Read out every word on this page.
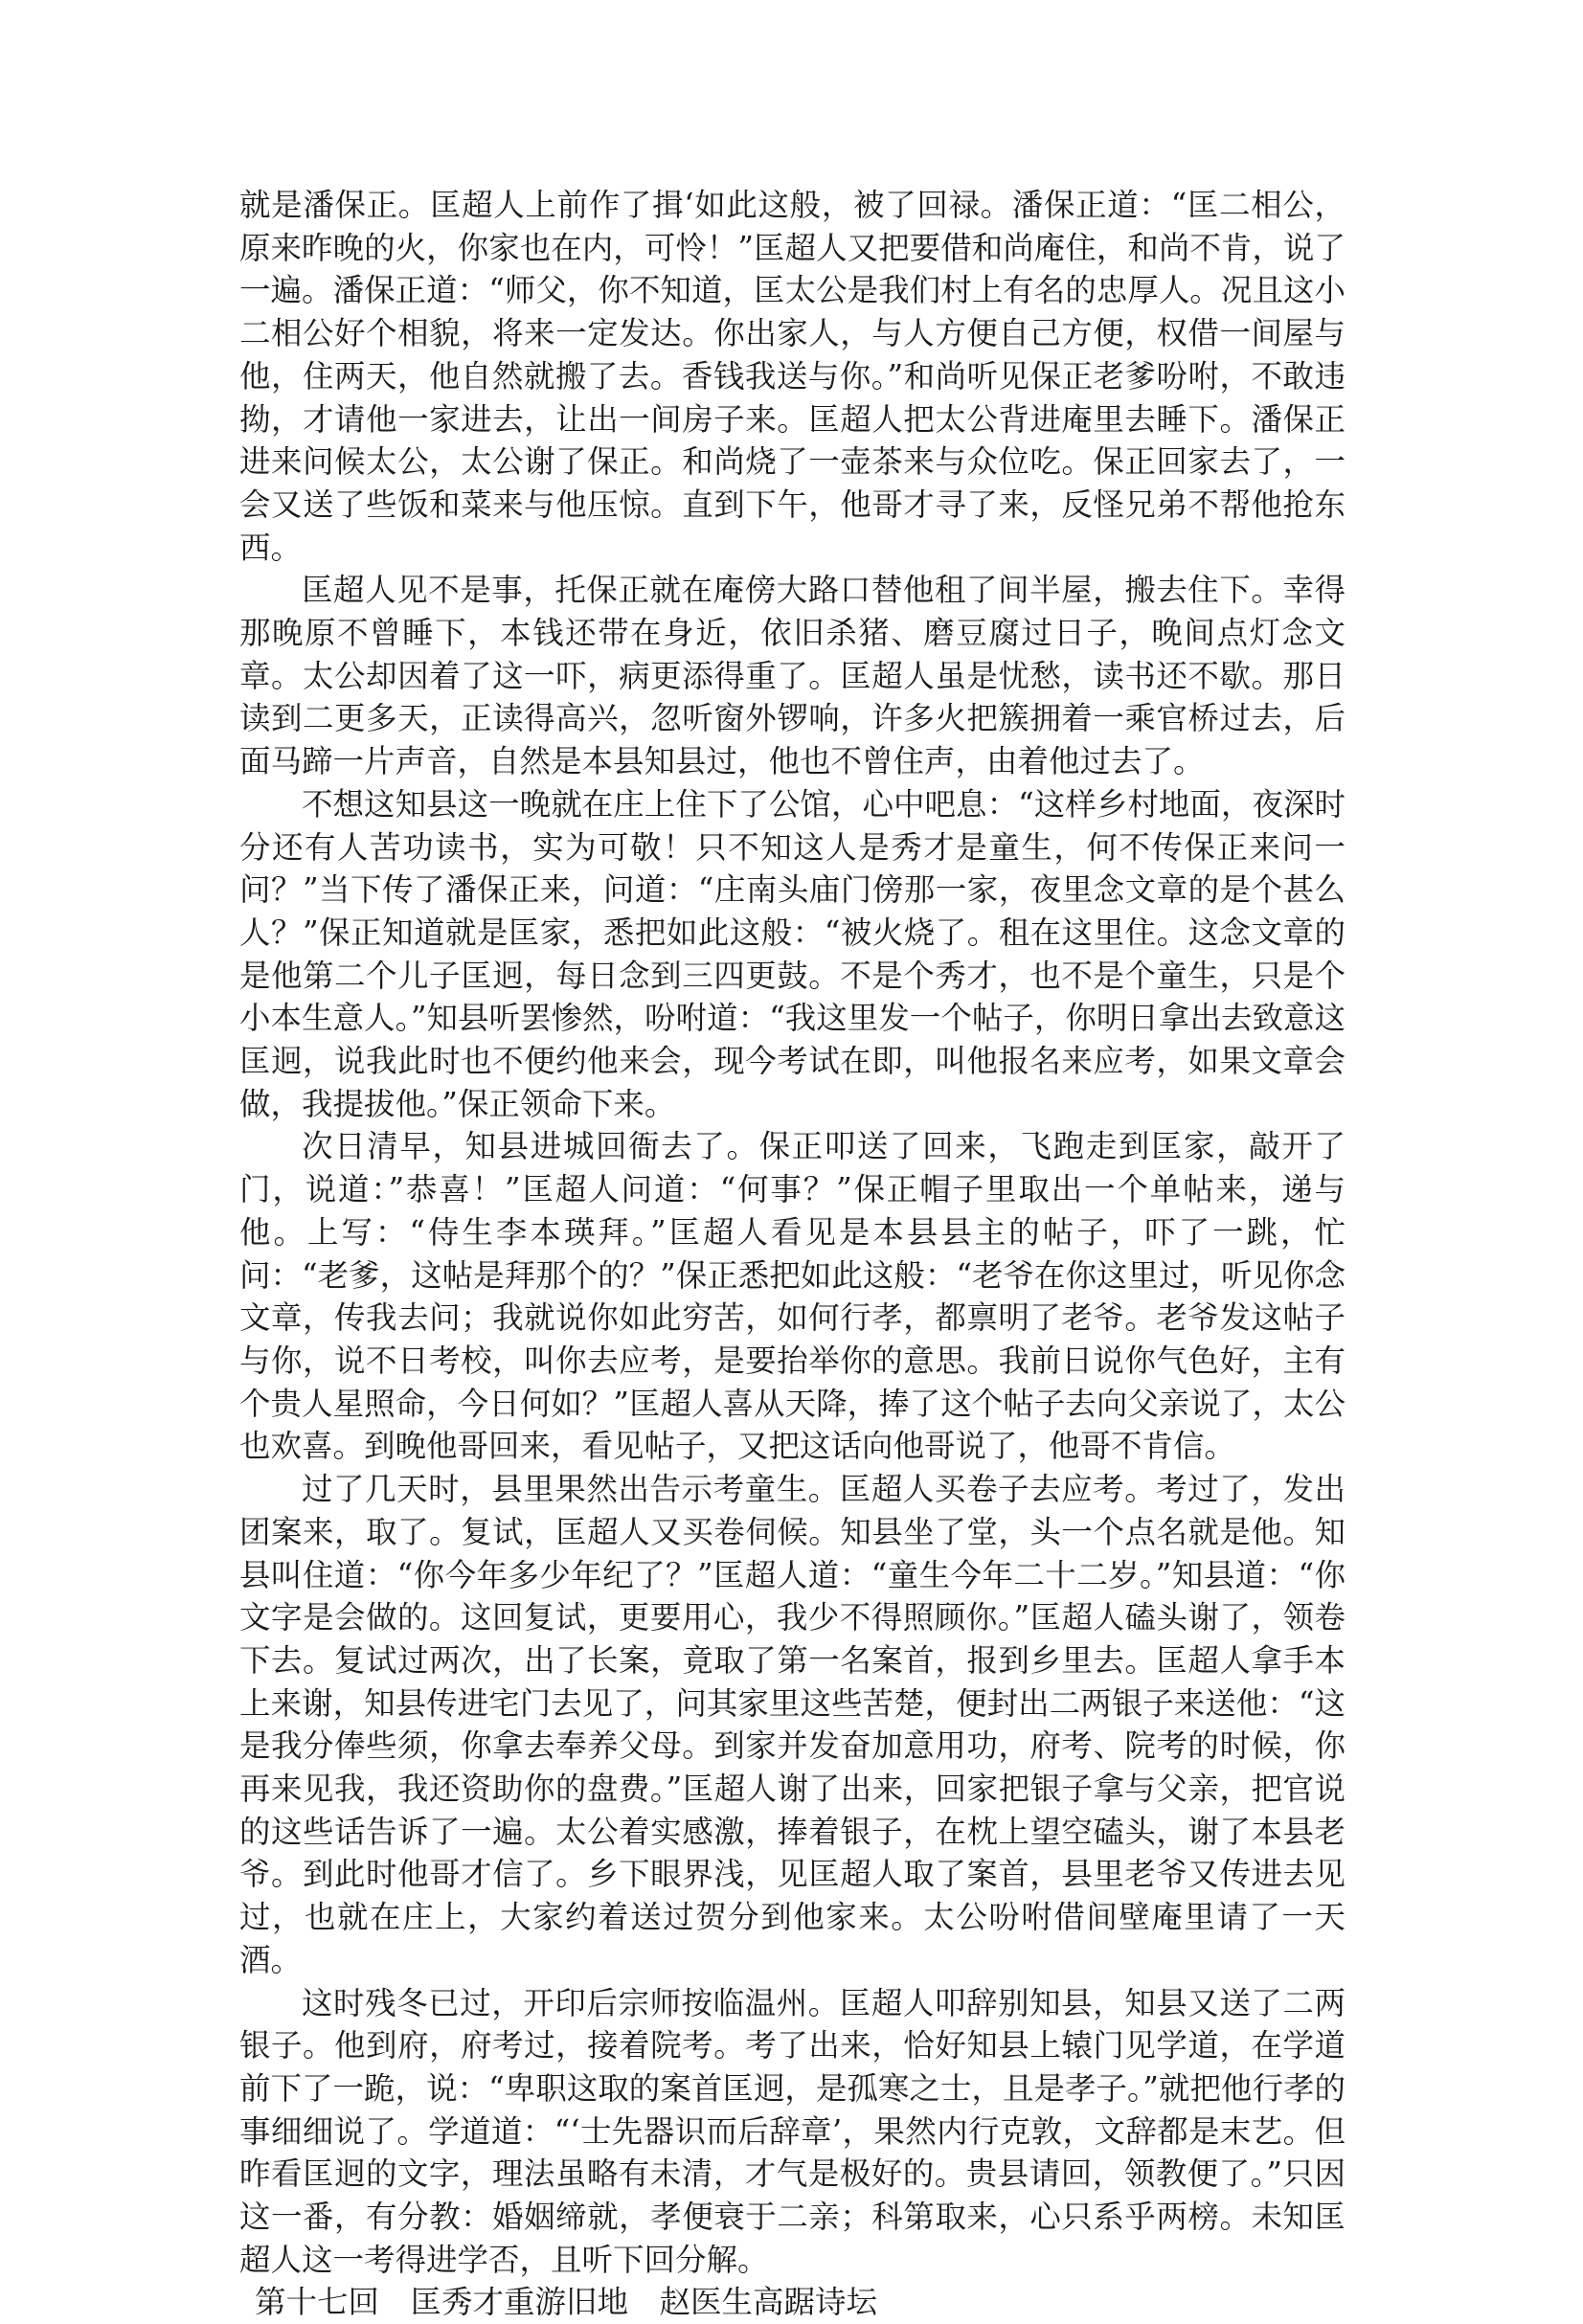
就是潘保正。匡超人上前作了揖‘如此这般，被了回禄。潘保正道：“匡二相公，原来昨晚的火，你家也在内，可怜！”匡超人又把要借和尚庵住，和尚不肯，说了一遍。潘保正道：“师父，你不知道，匡太公是我们村上有名的忠厚人。况且这小二相公好个相貌，将来一定发达。你出家人，与人方便自己方便，权借一间屋与他，住两天，他自然就搬了去。香钱我送与你。”和尚听见保正老爹吩咐，不敢违拗，才请他一家进去，让出一间房子来。匡超人把太公背进庵里去睡下。潘保正进来问候太公，太公谢了保正。和尚烧了一壶茶来与众位吃。保正回家去了，一会又送了些饭和菜来与他压惊。直到下午，他哥才寻了来，反怪兄弟不帮他抢东西。

匡超人见不是事，托保正就在庵傍大路口替他租了间半屋，搬去住下。幸得那晚原不曾睡下，本钱还带在身近，依旧杀猪、磨豆腐过日子，晚间点灯念文章。太公却因着了这一吓，病更添得重了。匡超人虽是忧愁，读书还不歇。那日读到二更多天，正读得高兴，忽听窗外锣响，许多火把簇拥着一乘官桥过去，后面马蹄一片声音，自然是本县知县过，他也不曾住声，由着他过去了。

不想这知县这一晚就在庄上住下了公馆，心中吧息：“这样乡村地面，夜深时分还有人苦功读书，实为可敬！只不知这人是秀才是童生，何不传保正来问一问？”当下传了潘保正来，问道：“庄南头庙门傍那一家，夜里念文章的是个甚么人？”保正知道就是匡家，悉把如此这般：“被火烧了。租在这里住。这念文章的是他第二个儿子匡迥，每日念到三四更鼓。不是个秀才，也不是个童生，只是个小本生意人。”知县听罢惨然，吩咐道：“我这里发一个帖子，你明日拿出去致意这匡迥，说我此时也不便约他来会，现今考试在即，叫他报名来应考，如果文章会做，我提拔他。”保正领命下来。

次日清早，知县进城回衙去了。保正叩送了回来，飞跑走到匡家，敲开了门，说道：”恭喜！”匡超人问道：“何事？”保正帽子里取出一个单帖来，递与他。上写：“侍生李本瑛拜。”匡超人看见是本县县主的帖子，吓了一跳，忙问：“老爹，这帖是拜那个的？”保正悉把如此这般：“老爷在你这里过，听见你念文章，传我去问；我就说你如此穷苦，如何行孝，都禀明了老爷。老爷发这帖子与你，说不日考校，叫你去应考，是要抬举你的意思。我前日说你气色好，主有个贵人星照命，今日何如？”匡超人喜从天降，捧了这个帖子去向父亲说了，太公也欢喜。到晚他哥回来，看见帖子，又把这话向他哥说了，他哥不肯信。

过了几天时，县里果然出告示考童生。匡超人买卷子去应考。考过了，发出团案来，取了。复试，匡超人又买卷伺候。知县坐了堂，头一个点名就是他。知县叫住道：“你今年多少年纪了？”匡超人道：“童生今年二十二岁。”知县道：“你文字是会做的。这回复试，更要用心，我少不得照顾你。”匡超人磕头谢了，领卷下去。复试过两次，出了长案，竟取了第一名案首，报到乡里去。匡超人拿手本上来谢，知县传进宅门去见了，问其家里这些苦楚，便封出二两银子来送他：“这是我分俸些须，你拿去奉养父母。到家并发奋加意用功，府考、院考的时候，你再来见我，我还资助你的盘费。”匡超人谢了出来，回家把银子拿与父亲，把官说的这些话告诉了一遍。太公着实感激，捧着银子，在枕上望空磕头，谢了本县老爷。到此时他哥才信了。乡下眼界浅，见匡超人取了案首，县里老爷又传进去见过，也就在庄上，大家约着送过贺分到他家来。太公吩咐借间壁庵里请了一天酒。

这时残冬已过，开印后宗师按临温州。匡超人叩辞别知县，知县又送了二两银子。他到府，府考过，接着院考。考了出来，恰好知县上辕门见学道，在学道前下了一跪，说：“卑职这取的案首匡迥，是孤寒之士，且是孝子。”就把他行孝的事细细说了。学道道：“‘士先器识而后辞章’，果然内行克敦，文辞都是末艺。但昨看匡迥的文字，理法虽略有未清，才气是极好的。贵县请回，领教便了。”只因这一番，有分教：婚姻缔就，孝便衰于二亲；科第取来，心只系乎两榜。未知匡超人这一考得进学否，且听下回分解。

第十七回　匡秀才重游旧地　赵医生高踞诗坛
